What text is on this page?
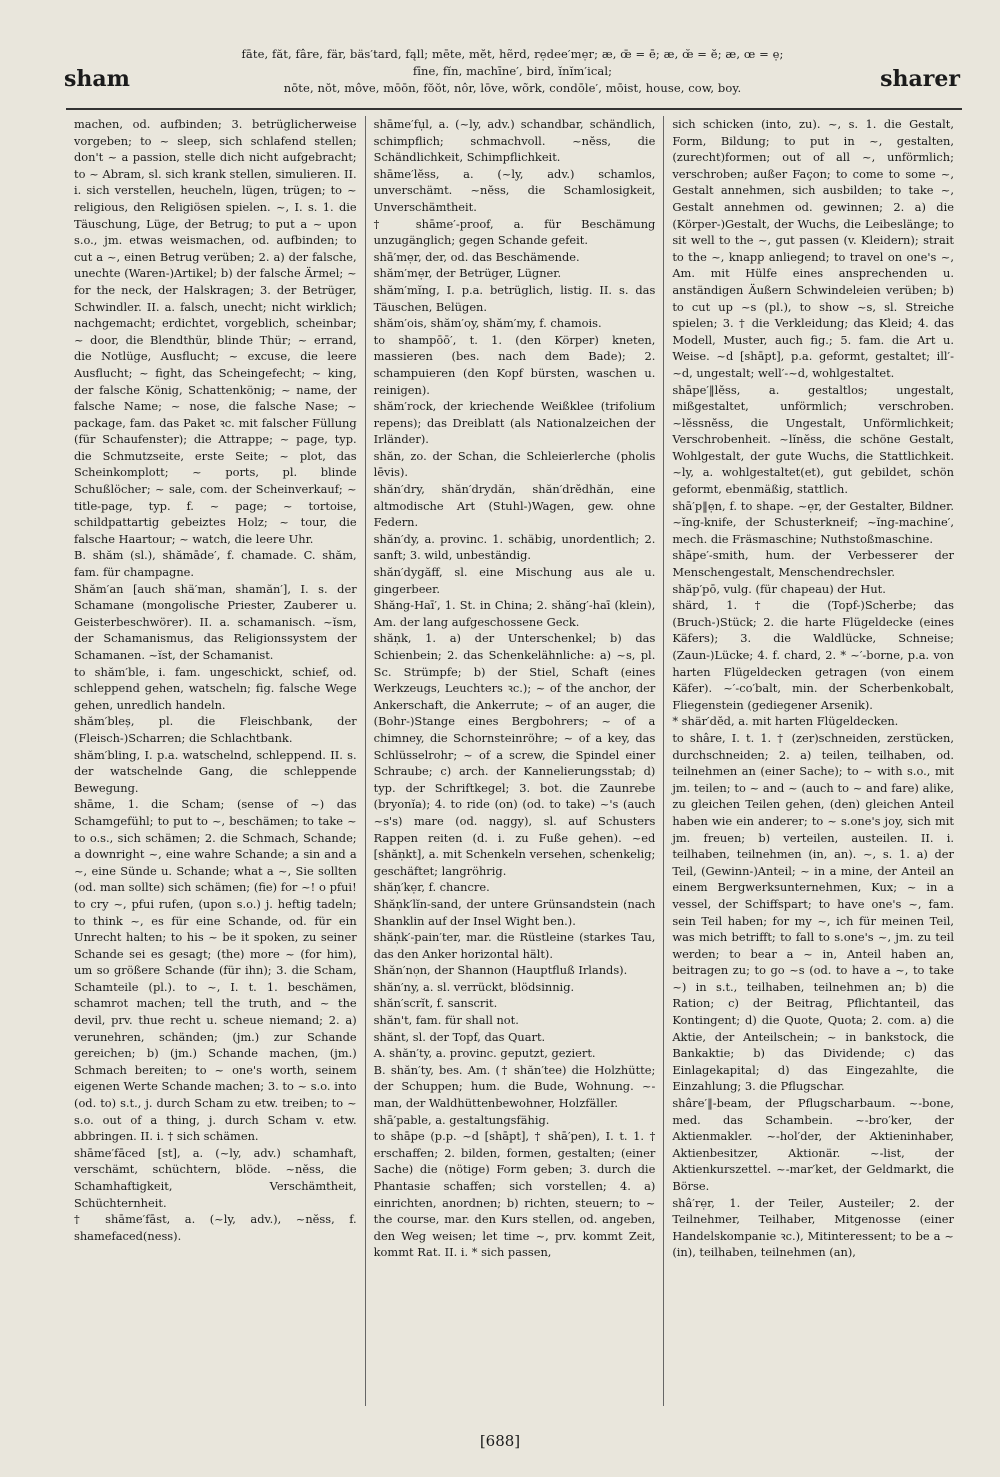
sham
fāte, făt, fâre, fär, bäs′tard, fąll; mēte, mĕt, hẽrd, rẹdee′mẹr; æ, œ̄ = ē; æ, œ̆ = ĕ; æ, œ = ẹ;
fīne, fĭn, machīne′, bird, ĭnĭm′ical;
nōte, nŏt, môve, mōōn, fŏŏt, nôr, lōve, wõrk, condōle′, mōist, house, cow, boy.	sharer

machen, od. aufbinden; 3. betrüglicherweise vorgeben; to ~ sleep, sich schlafend stellen; don't ~ a passion, stelle dich nicht aufgebracht; to ~ Abram, sl. sich krank stellen, simulieren. II. i. sich verstellen, heucheln, lügen, trügen; to ~ religious, den Religiösen spielen. ~, I. s. 1. die Täuschung, Lüge, der Betrug; to put a ~ upon s.o., jm. etwas weismachen, od. aufbinden; to cut a ~, einen Betrug verüben; 2. a) der falsche, unechte (Waren-)Artikel; b) der falsche Ärmel; ~ for the neck, der Halskragen; 3. der Betrüger, Schwindler. II. a. falsch, unecht; nicht wirklich; nachgemacht; erdichtet, vorgeblich, scheinbar; ~ door, die Blendthür, blinde Thür; ~ errand, die Notlüge, Ausflucht; ~ excuse, die leere Ausflucht; ~ fight, das Scheingefecht; ~ king, der falsche König, Schattenkönig; ~ name, der falsche Name; ~ nose, die falsche Nase; ~ package, fam. das Paket ꝛc. mit falscher Füllung (für Schaufenster); die Attrappe; ~ page, typ. die Schmutzseite, erste Seite; ~ plot, das Scheinkomplott; ~ ports, pl. blinde Schußlöcher; ~ sale, com. der Scheinverkauf; ~ title-page, typ. f. ~ page; ~ tortoise, schildpattartig gebeiztes Holz; ~ tour, die falsche Haartour; ~ watch, die leere Uhr.

B. shăm (sl.), shămāde′, f. chamade. C. shăm, fam. für champagne.

Shăm′an [auch shä′man, shamăn′], I. s. der Schamane (mongolische Priester, Zauberer u. Geisterbeschwörer). II. a. schamanisch. ~ĭsm, der Schamanismus, das Religionssystem der Schamanen. ~ĭst, der Schamanist.

to shăm′ble, i. fam. ungeschickt, schief, od. schleppend gehen, watscheln; fig. falsche Wege gehen, unredlich handeln.

shăm′bleș, pl. die Fleischbank, der (Fleisch-)Scharren; die Schlachtbank.

shăm′bling, I. p.a. watschelnd, schleppend. II. s. der watschelnde Gang, die schleppende Bewegung.

shāme, 1. die Scham; (sense of ~) das Schamgefühl; to put to ~, beschämen; to take ~ to o.s., sich schämen; 2. die Schmach, Schande; a downright ~, eine wahre Schande; a sin and a ~, eine Sünde u. Schande; what a ~, Sie sollten (od. man sollte) sich schämen; (fie) for ~! o pfui! to cry ~, pfui rufen, (upon s.o.) j. heftig tadeln; to think ~, es für eine Schande, od. für ein Unrecht halten; to his ~ be it spoken, zu seiner Schande sei es gesagt; (the) more ~ (for him), um so größere Schande (für ihn); 3. die Scham, Schamteile (pl.). to ~, I. t. 1. beschämen, schamrot machen; tell the truth, and ~ the devil, prv. thue recht u. scheue niemand; 2. a) verunehren, schänden; (jm.) zur Schande gereichen; b) (jm.) Schande machen, (jm.) Schmach bereiten; to ~ one's worth, seinem eigenen Werte Schande machen; 3. to ~ s.o. into (od. to) s.t., j. durch Scham zu etw. treiben; to ~ s.o. out of a thing, j. durch Scham v. etw. abbringen. II. i. † sich schämen.

shāme′fāced [st], a. (~ly, adv.) schamhaft, verschämt, schüchtern, blöde. ~nĕss, die Schamhaftigkeit, Verschämtheit, Schüchternheit.

† shāme′fāst, a. (~ly, adv.), ~nĕss, f. shamefaced(ness).

shāme′fụl, a. (~ly, adv.) schandbar, schändlich, schimpflich; schmachvoll. ~nĕss, die Schändlichkeit, Schimpflichkeit.

shāme′lĕss, a. (~ly, adv.) schamlos, unverschämt. ~nĕss, die Schamlosigkeit, Unverschämtheit.

† shāme′-proof, a. für Beschämung unzugänglich; gegen Schande gefeit.

shā′mẹr, der, od. das Beschämende.

shăm′mẹr, der Betrüger, Lügner.

shăm′mĭng, I. p.a. betrüglich, listig. II. s. das Täuschen, Belügen.

shăm′ois, shăm′oy, shăm′my, f. chamois.

to shampōō′, t. 1. (den Körper) kneten, massieren (bes. nach dem Bade); 2. schampuieren (den Kopf bürsten, waschen u. reinigen).

shăm′rock, der kriechende Weißklee (trifolium repens); das Dreiblatt (als Nationalzeichen der Irländer).

shăn, zo. der Schan, die Schleierlerche (pholis lēvis).

shăn′dry, shăn′drydăn, shăn′drĕdhăn, eine altmodische Art (Stuhl-)Wagen, gew. ohne Federn.

shăn′dy, a. provinc. 1. schäbig, unordentlich; 2. sanft; 3. wild, unbeständig.

shăn′dygăff, sl. eine Mischung aus ale u. gingerbeer.

Shăng-Haī′, 1. St. in China; 2. shăng′-haī (klein), Am. der lang aufgeschossene Geck.

shăṇk, 1. a) der Unterschenkel; b) das Schienbein; 2. das Schenkelähnliche: a) ~s, pl. Sc. Strümpfe; b) der Stiel, Schaft (eines Werkzeugs, Leuchters ꝛc.); ~ of the anchor, der Ankerschaft, die Ankerrute; ~ of an auger, die (Bohr-)Stange eines Bergbohrers; ~ of a chimney, die Schornsteinröhre; ~ of a key, das Schlüsselrohr; ~ of a screw, die Spindel einer Schraube; c) arch. der Kannelierungsstab; d) typ. der Schriftkegel; 3. bot. die Zaunrebe (bryonĭa); 4. to ride (on) (od. to take) ~'s (auch ~s's) mare (od. naggy), sl. auf Schusters Rappen reiten (d. i. zu Fuße gehen). ~ed [shăṇkt], a. mit Schenkeln versehen, schenkelig; geschäftet; langröhrig.

shăṇ′kẹr, f. chancre.

Shăṇk′lĭn-sand, der untere Grünsandstein (nach Shanklin auf der Insel Wight ben.).

shăṇk′-pain′ter, mar. die Rüstleine (starkes Tau, das den Anker horizontal hält).

Shăn′nọn, der Shannon (Hauptfluß Irlands).

shăn′ny, a. sl. verrückt, blödsinnig.

shăn′scrĭt, f. sanscrit.

shăn't, fam. für shall not.

shănt, sl. der Topf, das Quart.

A. shăn′ty, a. provinc. geputzt, geziert.

B. shăn′ty, bes. Am. († shăn′tee) die Holzhütte; der Schuppen; hum. die Bude, Wohnung. ~-man, der Waldhüttenbewohner, Holzfäller.

shā′pable, a. gestaltungsfähig.

to shāpe (p.p. ~d [shāpt], † shā′pen), I. t. 1. † erschaffen; 2. bilden, formen, gestalten; (einer Sache) die (nötige) Form geben; 3. durch die Phantasie schaffen; sich vorstellen; 4. a) einrichten, anordnen; b) richten, steuern; to ~ the course, mar. den Kurs stellen, od. angeben, den Weg weisen; let time ~, prv. kommt Zeit, kommt Rat. II. i. * sich passen,

sich schicken (into, zu). ~, s. 1. die Gestalt, Form, Bildung; to put in ~, gestalten, (zurecht)formen; out of all ~, unförmlich; verschroben; außer Façon; to come to some ~, Gestalt annehmen, sich ausbilden; to take ~, Gestalt annehmen od. gewinnen; 2. a) die (Körper-)Gestalt, der Wuchs, die Leibeslänge; to sit well to the ~, gut passen (v. Kleidern); strait to the ~, knapp anliegend; to travel on one's ~, Am. mit Hülfe eines ansprechenden u. anständigen Äußern Schwindeleien verüben; b) to cut up ~s (pl.), to show ~s, sl. Streiche spielen; 3. † die Verkleidung; das Kleid; 4. das Modell, Muster, auch fig.; 5. fam. die Art u. Weise. ~d [shāpt], p.a. geformt, gestaltet; ill′-~d, ungestalt; well′-~d, wohlgestaltet.

shāpe′‖lĕss, a. gestaltlos; ungestalt, mißgestaltet, unförmlich; verschroben. ~lĕssnĕss, die Ungestalt, Unförmlichkeit; Verschrobenheit. ~lĭnĕss, die schöne Gestalt, Wohlgestalt, der gute Wuchs, die Stattlichkeit. ~ly, a. wohlgestaltet(et), gut gebildet, schön geformt, ebenmäßig, stattlich.

shā′p‖ẹn, f. to shape. ~ẹr, der Gestalter, Bildner. ~ĭng-knife, der Schusterkneif; ~ĭng-machine′, mech. die Fräsmaschine; Nuthstoßmaschine.

shāpe′-smith, hum. der Verbesserer der Menschengestalt, Menschendrechsler.

shăp′pō, vulg. (für chapeau) der Hut.

shärd, 1. † die (Topf-)Scherbe; das (Bruch-)Stück; 2. die harte Flügeldecke (eines Käfers); 3. die Waldlücke, Schneise; (Zaun-)Lücke; 4. f. chard, 2. * ~′-borne, p.a. von harten Flügeldecken getragen (von einem Käfer). ~′-co′balt, min. der Scherbenkobalt, Fliegenstein (gediegener Arsenik).

* shär′dĕd, a. mit harten Flügeldecken.

to shâre, I. t. 1. † (zer)schneiden, zerstücken, durchschneiden; 2. a) teilen, teilhaben, od. teilnehmen an (einer Sache); to ~ with s.o., mit jm. teilen; to ~ and ~ (auch to ~ and fare) alike, zu gleichen Teilen gehen, (den) gleichen Anteil haben wie ein anderer; to ~ s.one's joy, sich mit jm. freuen; b) verteilen, austeilen. II. i. teilhaben, teilnehmen (in, an). ~, s. 1. a) der Teil, (Gewinn-)Anteil; ~ in a mine, der Anteil an einem Bergwerksunternehmen, Kux; ~ in a vessel, der Schiffspart; to have one's ~, fam. sein Teil haben; for my ~, ich für meinen Teil, was mich betrifft; to fall to s.one's ~, jm. zu teil werden; to bear a ~ in, Anteil haben an, beitragen zu; to go ~s (od. to have a ~, to take ~) in s.t., teilhaben, teilnehmen an; b) die Ration; c) der Beitrag, Pflichtanteil, das Kontingent; d) die Quote, Quota; 2. com. a) die Aktie, der Anteilschein; ~ in bankstock, die Bankaktie; b) das Dividende; c) das Einlagekapital; d) das Eingezahlte, die Einzahlung; 3. die Pflugschar.

shâre′‖-beam, der Pflugscharbaum. ~-bone, med. das Schambein. ~-bro′ker, der Aktienmakler. ~-hol′der, der Aktieninhaber, Aktienbesitzer, Aktionär. ~-list, der Aktienkurszettel. ~-mar′ket, der Geldmarkt, die Börse.

shâ′rẹr, 1. der Teiler, Austeiler; 2. der Teilnehmer, Teilhaber, Mitgenosse (einer Handelskompanie ꝛc.), Mitinteressent; to be a ~ (in), teilhaben, teilnehmen (an),

[688]
